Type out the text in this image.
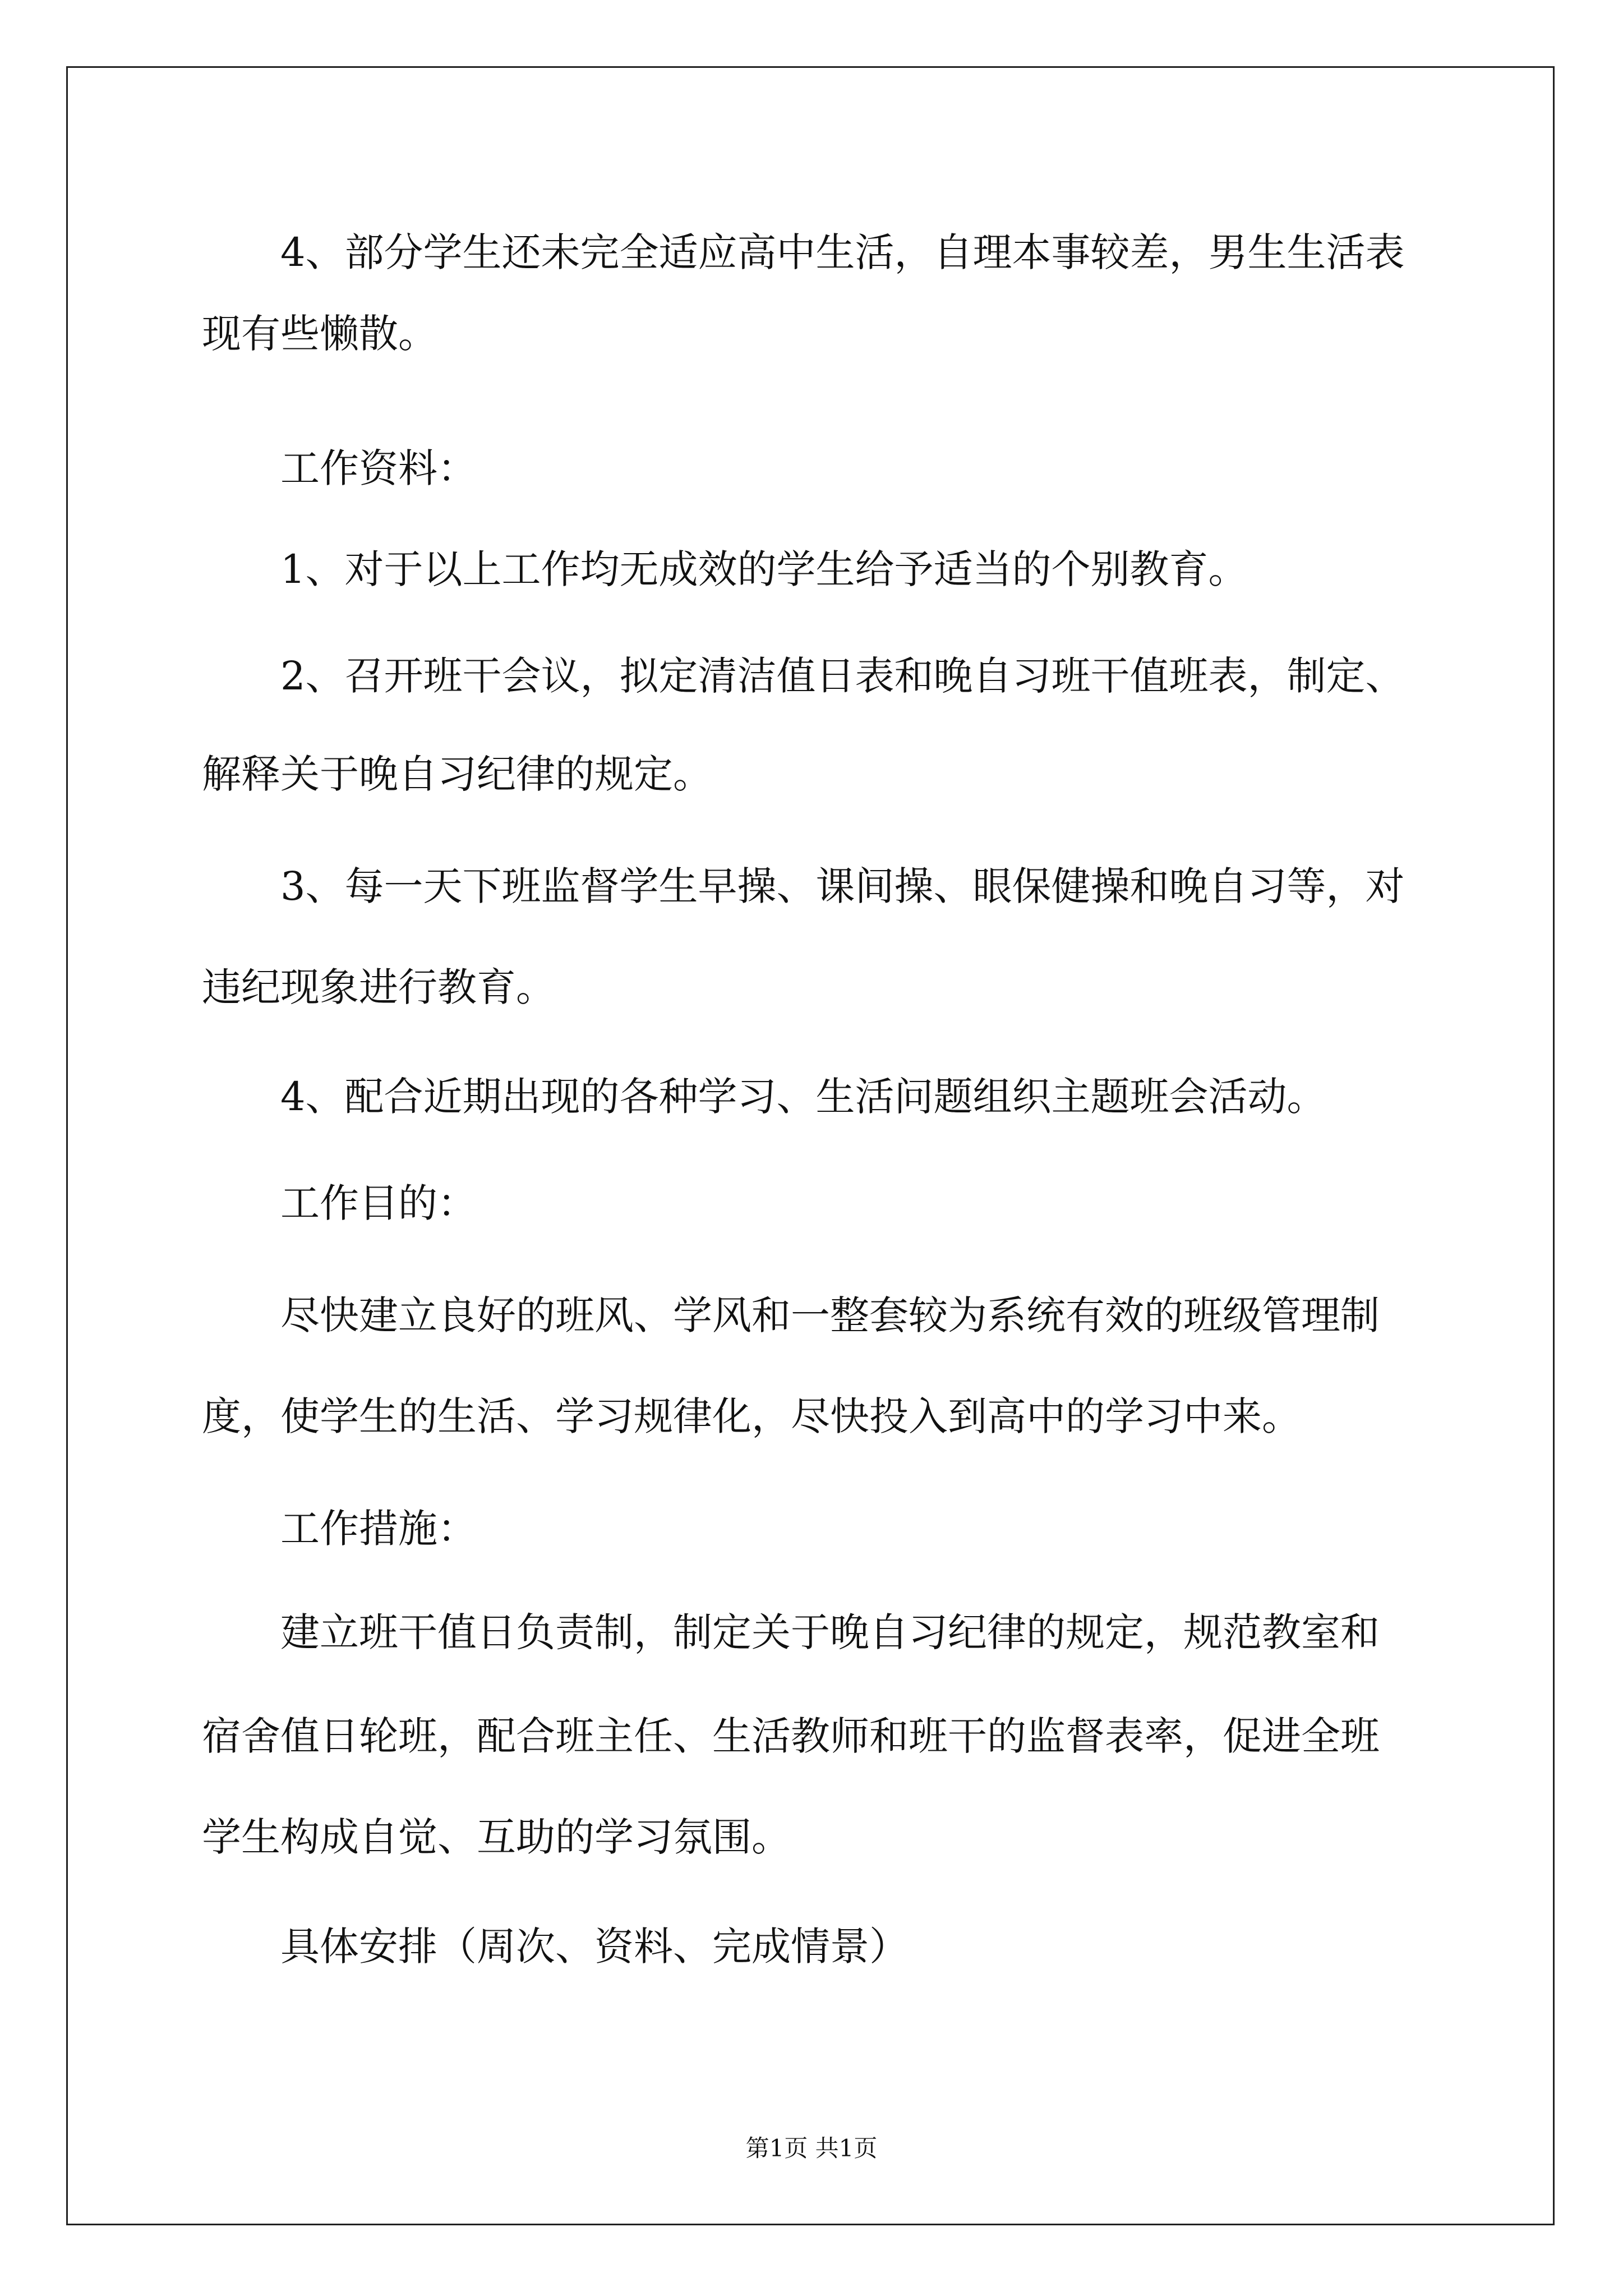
4、部分学生还未完全适应高中生活，自理本事较差，男生生活表

现有些懒散。

工作资料：

1、对于以上工作均无成效的学生给予适当的个别教育。

2、召开班干会议，拟定清洁值日表和晚自习班干值班表，制定、

解释关于晚自习纪律的规定。

3、每一天下班监督学生早操、课间操、眼保健操和晚自习等，对

违纪现象进行教育。

4、配合近期出现的各种学习、生活问题组织主题班会活动。

工作目的：

尽快建立良好的班风、学风和一整套较为系统有效的班级管理制

度，使学生的生活、学习规律化，尽快投入到高中的学习中来。

工作措施：

建立班干值日负责制，制定关于晚自习纪律的规定，规范教室和

宿舍值日轮班，配合班主任、生活教师和班干的监督表率，促进全班

学生构成自觉、互助的学习氛围。

具体安排（周次、资料、完成情景）

第1页 共1页
